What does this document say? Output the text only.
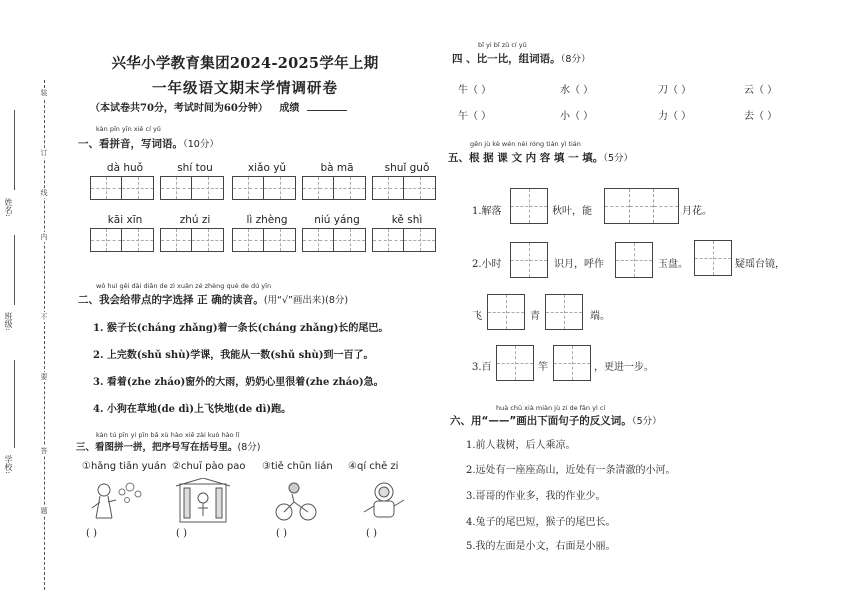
装
订
线
内
不
要
答
题
姓名:
班级:
学校:
兴华小学教育集团2024-2025学年上期
一年级语文期末学情调研卷
（本试卷共70分，考试时间为60分钟） 成绩
kàn pīn yīn xiě cí yǔ
一、看拼音，写词语。（10分）
dà huǒ	shí tou	xiǎo yǔ	bà mā	shuǐ guǒ
kāi xīn	zhú zi	lì zhèng	niú yáng	kě shì
wǒ huì gěi dài diǎn de zì xuǎn zé zhèng què de dú yīn
二、我会给带点的字选择 正 确的读音。(用“√”画出来)(8分)
1. 猴子长(cháng zhǎng)着一条长(cháng zhǎng)长的尾巴。
2. 上完数(shǔ shù)学课，我能从一数(shǔ shù)到一百了。
3. 看着(zhe zháo)窗外的大雨，奶奶心里很着(zhe zháo)急。
4. 小狗在草地(de dì)上飞快地(de dì)跑。
kàn tú pīn yi pīn bǎ xù hào xiě zài kuò hào lǐ
三、看图拼一拼，把序号写在括号里。(8分)
①hǎng tiān yuán ②chuī pào pao ③tiě chūn lián ④qí chē zi
( )	( )	( )	( )
bǐ yi bǐ zǔ cí yǔ
四 、比一比，组词语。（8分）
牛（ ）	水（ ）	刀（ ）	云（ ）
午（ ）	小（ ）	力（ ）	去（ ）
gēn jù kè wén nèi róng tián yì tián
五、根 据 课 文 内 容 填 一 填。（5分）
1.解落	秋叶，能	月花。
2.小时	识月，呼作	玉盘。	疑瑶台镜，
飞	青	端。
3.百	竿	，更进一步。
huà chū xià miàn jù zi de fǎn yì cí
六、用“——”画出下面句子的反义词。（5分）
1.前人栽树，后人乘凉。
2.远处有一座座高山，近处有一条清澈的小河。
3.哥哥的作业多，我的作业少。
4.兔子的尾巴短，猴子的尾巴长。
5.我的左面是小文，右面是小丽。
